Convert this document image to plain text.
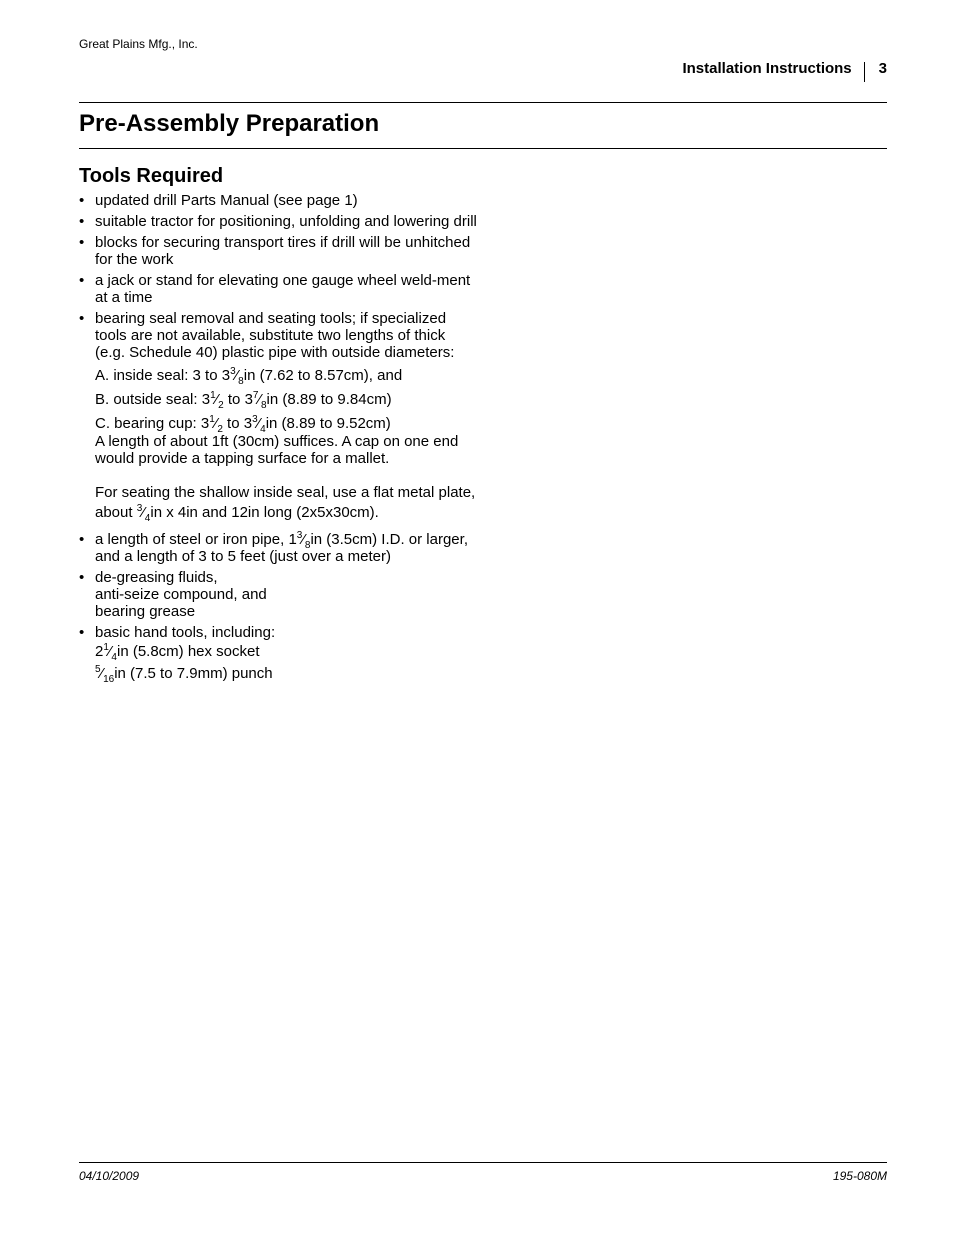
Great Plains Mfg., Inc.
Installation Instructions 3
Pre-Assembly Preparation
Tools Required
• updated drill Parts Manual (see page 1)
• suitable tractor for positioning, unfolding and lowering drill
• blocks for securing transport tires if drill will be unhitched for the work
• a jack or stand for elevating one gauge wheel weld-ment at a time
• bearing seal removal and seating tools; if specialized tools are not available, substitute two lengths of thick (e.g. Schedule 40) plastic pipe with outside diameters:
A. inside seal: 3 to $3^3⁄_8in$ (7.62 to 8.57cm), and
B. outside seal: $3^1⁄_2$ to $3^7⁄_8in$ (8.89 to 9.84cm)
C. bearing cup: $3^1⁄_2$ to $3^3⁄_4in$ (8.89 to 9.52cm)
A length of about 1ft (30cm) suffices. A cap on one end would provide a tapping surface for a mallet.
For seating the shallow inside seal, use a flat metal plate, about $^3⁄_4in$ x 4in and 12in long (2x5x30cm).
• a length of steel or iron pipe, $1^3⁄_8in$ (3.5cm) I.D. or larger, and a length of 3 to 5 feet (just over a meter)
• de-greasing fluids,
anti-seize compound, and
bearing grease
• basic hand tools, including:
$2^1⁄_4in$ (5.8cm) hex socket
$^5⁄_{16}in$ (7.5 to 7.9mm) punch
04/10/2009	195-080M
